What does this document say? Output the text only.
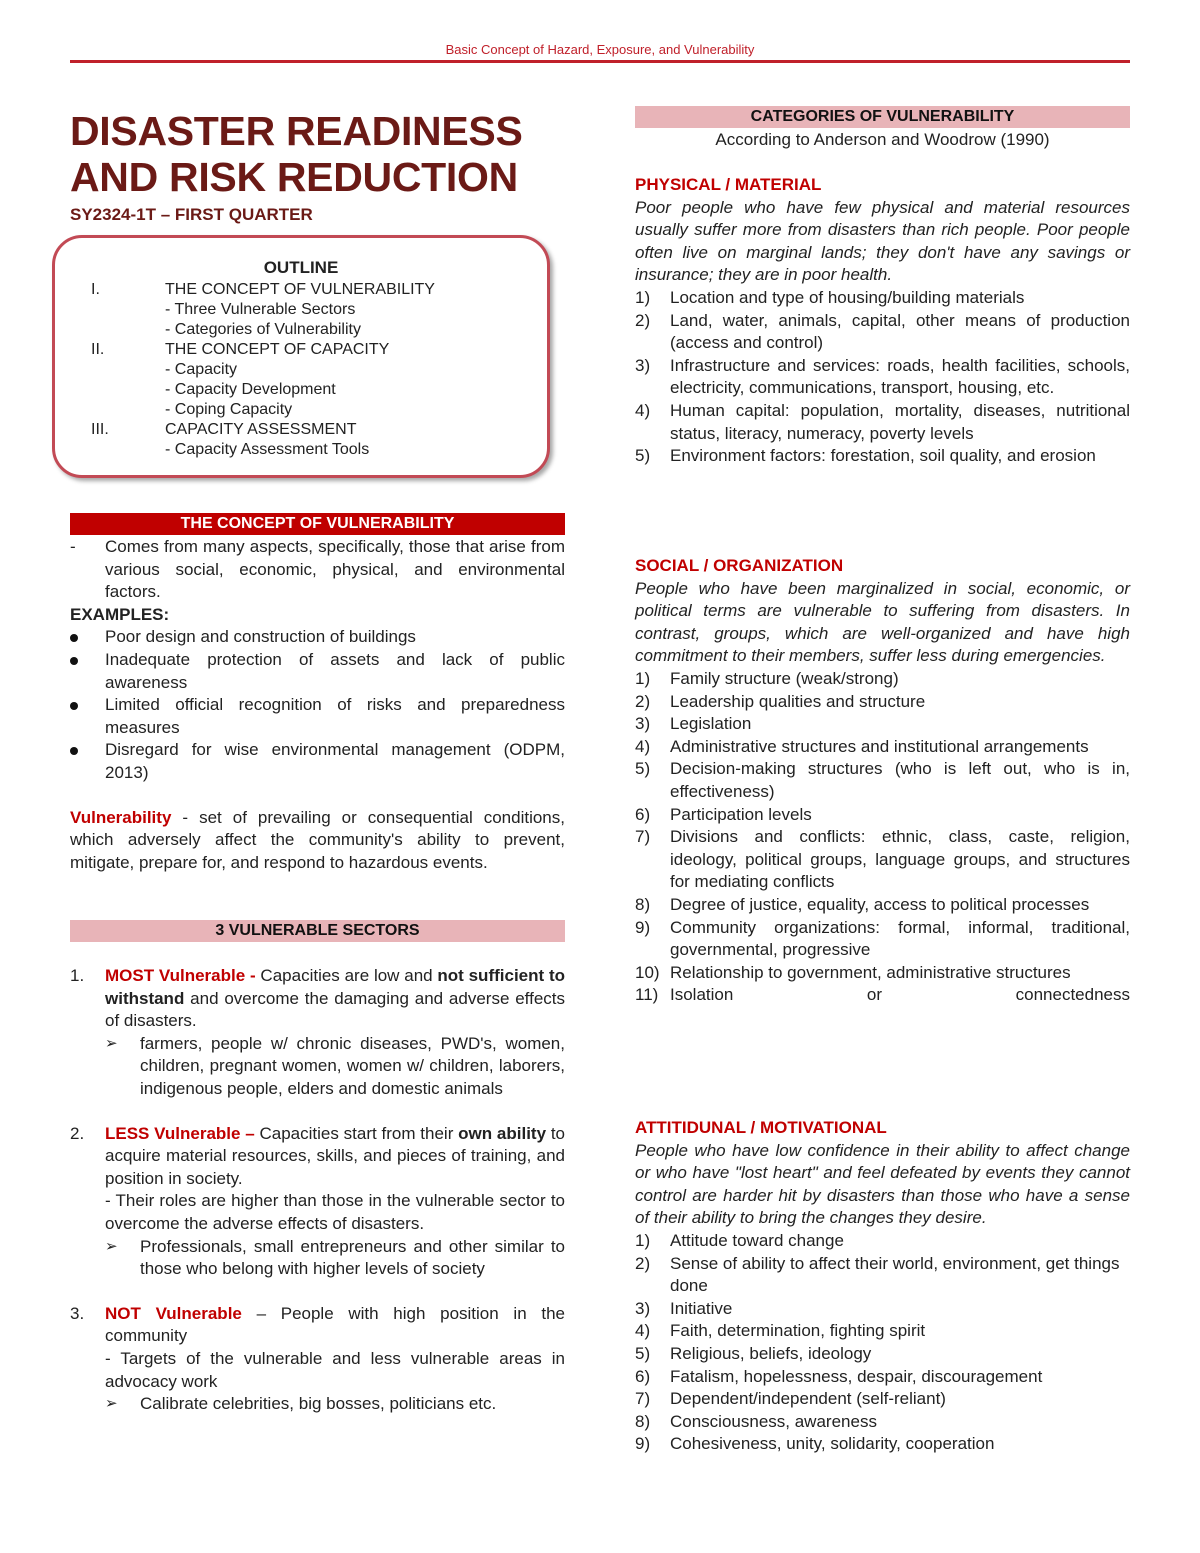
Basic Concept of Hazard, Exposure, and Vulnerability
DISASTER READINESS
AND RISK REDUCTION
SY2324-1T – FIRST QUARTER
OUTLINE
I.	THE CONCEPT OF VULNERABILITY
- Three Vulnerable Sectors
- Categories of Vulnerability
II.	THE CONCEPT OF CAPACITY
- Capacity
- Capacity Development
- Coping Capacity
III.	CAPACITY ASSESSMENT
- Capacity Assessment Tools
THE CONCEPT OF VULNERABILITY
-	Comes from many aspects, specifically, those that arise from various social, economic, physical, and environmental factors.
EXAMPLES:
Poor design and construction of buildings
Inadequate protection of assets and lack of public awareness
Limited official recognition of risks and preparedness measures
Disregard for wise environmental management (ODPM, 2013)
Vulnerability - set of prevailing or consequential conditions, which adversely affect the community's ability to prevent, mitigate, prepare for, and respond to hazardous events.
3 VULNERABLE SECTORS
1.	MOST Vulnerable - Capacities are low and not sufficient to withstand and overcome the damaging and adverse effects of disasters.
➢	farmers, people w/ chronic diseases, PWD's, women, children, pregnant women, women w/ children, laborers, indigenous people, elders and domestic animals
2.	LESS Vulnerable – Capacities start from their own ability to acquire material resources, skills, and pieces of training, and position in society.
- Their roles are higher than those in the vulnerable sector to overcome the adverse effects of disasters.
➢	Professionals, small entrepreneurs and other similar to those who belong with higher levels of society
3.	NOT Vulnerable – People with high position in the community
- Targets of the vulnerable and less vulnerable areas in advocacy work
➢	Calibrate celebrities, big bosses, politicians etc.
CATEGORIES OF VULNERABILITY
According to Anderson and Woodrow (1990)
PHYSICAL / MATERIAL
Poor people who have few physical and material resources usually suffer more from disasters than rich people. Poor people often live on marginal lands; they don't have any savings or insurance; they are in poor health.
1)	Location and type of housing/building materials
2)	Land, water, animals, capital, other means of production (access and control)
3)	Infrastructure and services: roads, health facilities, schools, electricity, communications, transport, housing, etc.
4)	Human capital: population, mortality, diseases, nutritional status, literacy, numeracy, poverty levels
5)	Environment factors: forestation, soil quality, and erosion
SOCIAL / ORGANIZATION
People who have been marginalized in social, economic, or political terms are vulnerable to suffering from disasters. In contrast, groups, which are well-organized and have high commitment to their members, suffer less during emergencies.
1)	Family structure (weak/strong)
2)	Leadership qualities and structure
3)	Legislation
4)	Administrative structures and institutional arrangements
5)	Decision-making structures (who is left out, who is in, effectiveness)
6)	Participation levels
7)	Divisions and conflicts: ethnic, class, caste, religion, ideology, political groups, language groups, and structures for mediating conflicts
8)	Degree of justice, equality, access to political processes
9)	Community organizations: formal, informal, traditional, governmental, progressive
10) Relationship to government, administrative structures
11) Isolation or connectedness
ATTITIDUNAL / MOTIVATIONAL
People who have low confidence in their ability to affect change or who have "lost heart" and feel defeated by events they cannot control are harder hit by disasters than those who have a sense of their ability to bring the changes they desire.
1)	Attitude toward change
2)	Sense of ability to affect their world, environment, get things done
3)	Initiative
4)	Faith, determination, fighting spirit
5)	Religious, beliefs, ideology
6)	Fatalism, hopelessness, despair, discouragement
7)	Dependent/independent (self-reliant)
8)	Consciousness, awareness
9)	Cohesiveness, unity, solidarity, cooperation
